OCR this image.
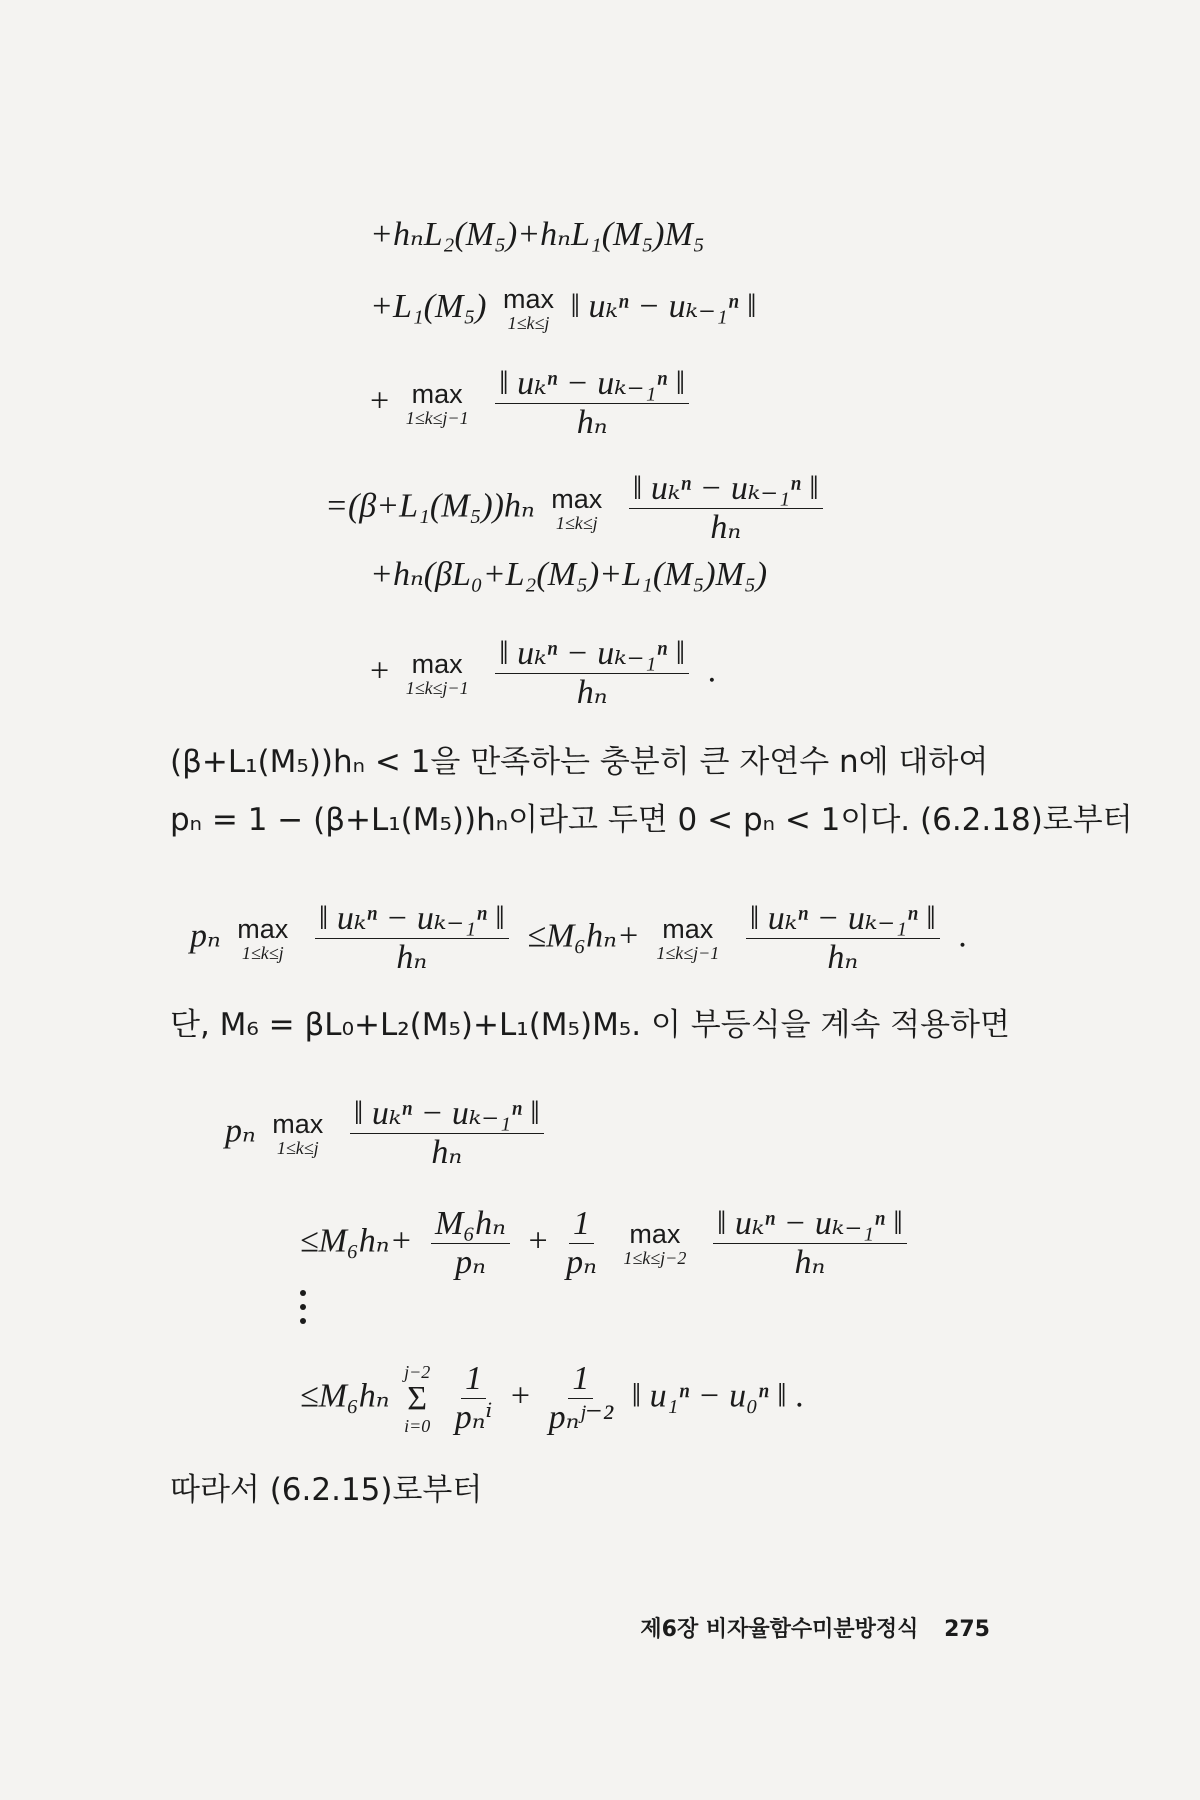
+hₙL₂(M₅)+hₙL₁(M₅)M₅
+L₁(M₅) max
1≤k≤j ‖ uₖⁿ − uₖ₋₁ⁿ ‖
+ max
1≤k≤j−1
$\frac{\text{‖ uₖⁿ − uₖ₋₁ⁿ ‖}}{\text{hₙ}}$
=(β+L₁(M₅))hₙ max
1≤k≤j
$\frac{\text{‖ uₖⁿ − uₖ₋₁ⁿ ‖}}{\text{hₙ}}$
+hₙ(βL₀+L₂(M₅)+L₁(M₅)M₅)
+ max
1≤k≤j−1
$\frac{\text{‖ uₖⁿ − uₖ₋₁ⁿ ‖}}{\text{hₙ}}$ .
(β+L₁(M₅))hₙ < 1을 만족하는 충분히 큰 자연수 n에 대하여
pₙ = 1 − (β+L₁(M₅))hₙ이라고 두면 0 < pₙ < 1이다. (6.2.18)로부터
pₙ max
1≤k≤j
$\frac{\text{‖ uₖⁿ − uₖ₋₁ⁿ ‖}}{\text{hₙ}} \le M_6h_n+ \max$
1≤k≤j−1
$\frac{\text{‖ uₖⁿ − uₖ₋₁ⁿ ‖}}{\text{hₙ}}$ .
단, M₆ = βL₀+L₂(M₅)+L₁(M₅)M₅. 이 부등식을 계속 적용하면
pₙ max
1≤k≤j
$\frac{\text{‖ uₖⁿ − uₖ₋₁ⁿ ‖}}{\text{hₙ}}$
$\le M_6h_n+ \frac{\text{M₆hₙ}}{\text{pₙ}} + \frac{1}{\text{pₙ}}$
max
1≤k≤j−2
$\frac{\text{‖ uₖⁿ − uₖ₋₁ⁿ ‖}}{\text{hₙ}}$
≤M₆hₙ
j−2
Σ
i=0
$\frac{1}{\text{pₙⁱ}} + \frac{1}{\text{pₙʲ⁻²}}$ ‖ u₁ⁿ − u₀ⁿ ‖ .
따라서 (6.2.15)로부터
제6장 비자율함수미분방정식 275
